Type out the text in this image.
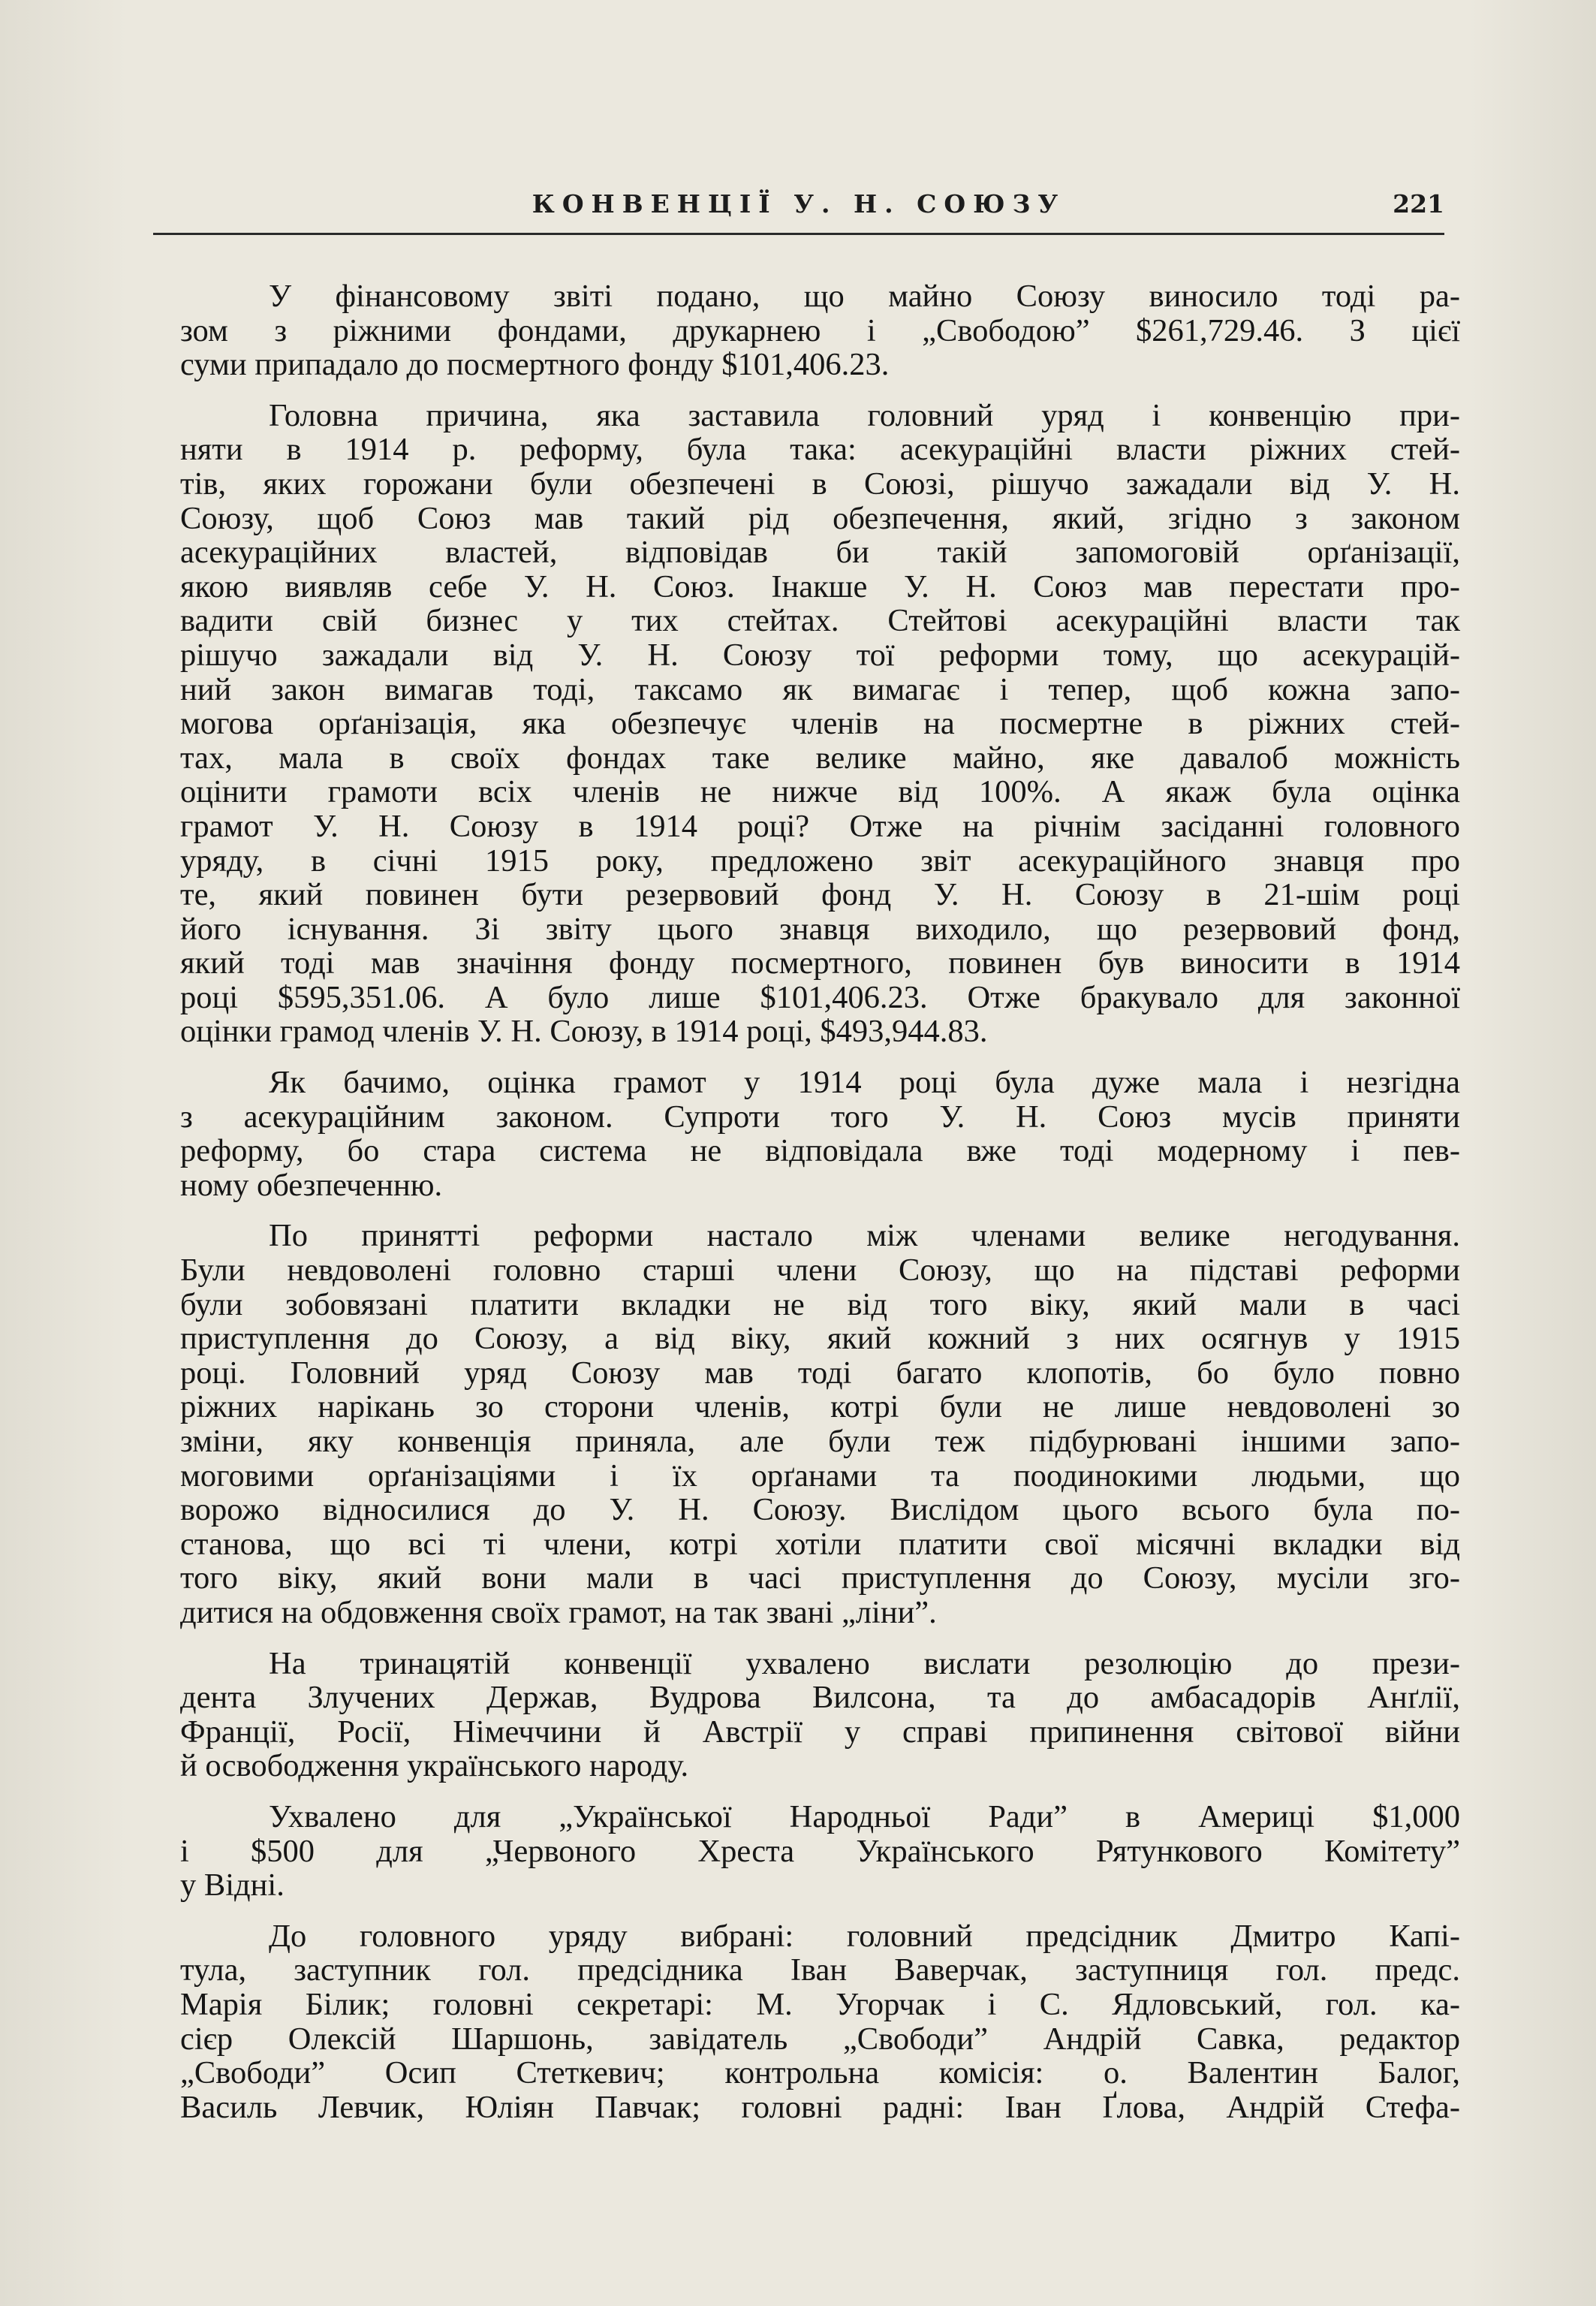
КОНВЕНЦІЇ У. Н. СОЮЗУ	221
У фінансовому звіті подано, що майно Союзу виносило тоді ра-
зом з ріжними фондами, друкарнею і „Свободою” $261,729.46. З цієї
суми припадало до посмертного фонду $101,406.23.
Головна причина, яка заставила головний уряд і конвенцію при-
няти в 1914 р. реформу, була така: асекураційні власти ріжних стей-
тів, яких горожани були обезпечені в Союзі, рішучо зажадали від У. Н.
Союзу, щоб Союз мав такий рід обезпечення, який, згідно з законом
асекураційних властей, відповідав би такій запомоговій орґанізації,
якою виявляв себе У. Н. Союз. Інакше У. Н. Союз мав перестати про-
вадити свій бизнес у тих стейтах. Стейтові асекураційні власти так
рішучо зажадали від У. Н. Союзу тої реформи тому, що асекурацій-
ний закон вимагав тоді, таксамо як вимагає і тепер, щоб кожна запо-
могова орґанізація, яка обезпечує членів на посмертне в ріжних стей-
тах, мала в своїх фондах таке велике майно, яке давалоб можність
оцінити грамоти всіх членів не нижче від 100%. А якаж була оцінка
грамот У. Н. Союзу в 1914 році? Отже на річнім засіданні головного
уряду, в січні 1915 року, предложено звіт асекураційного знавця про
те, який повинен бути резервовий фонд У. Н. Союзу в 21-шім році
його існування. Зі звіту цього знавця виходило, що резервовий фонд,
який тоді мав значіння фонду посмертного, повинен був виносити в 1914
році $595,351.06. А було лише $101,406.23. Отже бракувало для законної
оцінки грамод членів У. Н. Союзу, в 1914 році, $493,944.83.
Як бачимо, оцінка грамот у 1914 році була дуже мала і незгідна
з асекураційним законом. Супроти того У. Н. Союз мусів приняти
реформу, бо стара система не відповідала вже тоді модерному і пев-
ному обезпеченню.
По принятті реформи настало між членами велике негодування.
Були невдоволені головно старші члени Союзу, що на підставі реформи
були зобовязані платити вкладки не від того віку, який мали в часі
приступлення до Союзу, а від віку, який кожний з них осягнув у 1915
році. Головний уряд Союзу мав тоді багато клопотів, бо було повно
ріжних нарікань зо сторони членів, котрі були не лише невдоволені зо
зміни, яку конвенція приняла, але були теж підбурювані іншими запо-
моговими орґанізаціями і їх орґанами та поодинокими людьми, що
ворожо відносилися до У. Н. Союзу. Вислідом цього всього була по-
станова, що всі ті члени, котрі хотіли платити свої місячні вкладки від
того віку, який вони мали в часі приступлення до Союзу, мусіли зго-
дитися на обдовження своїх грамот, на так звані „ліни”.
На тринацятій конвенції ухвалено вислати резолюцію до прези-
дента Злучених Держав, Вудрова Вилсона, та до амбасадорів Анґлії,
Франції, Росії, Німеччини й Австрії у справі припинення світової війни
й освободження українського народу.
Ухвалено для „Української Народньої Ради” в Америці $1,000
і $500 для „Червоного Хреста Українського Рятункового Комітету”
у Відні.
До головного уряду вибрані: головний предсідник Дмитро Капі-
тула, заступник гол. предсідника Іван Ваверчак, заступниця гол. предс.
Марія Білик; головні секретарі: М. Угорчак і С. Ядловський, гол. ка-
сієр Олексій Шаршонь, завідатель „Свободи” Андрій Савка, редактор
„Свободи” Осип Стеткевич; контрольна комісія: о. Валентин Балог,
Василь Левчик, Юліян Павчак; головні радні: Іван Ґлова, Андрій Стефа-
